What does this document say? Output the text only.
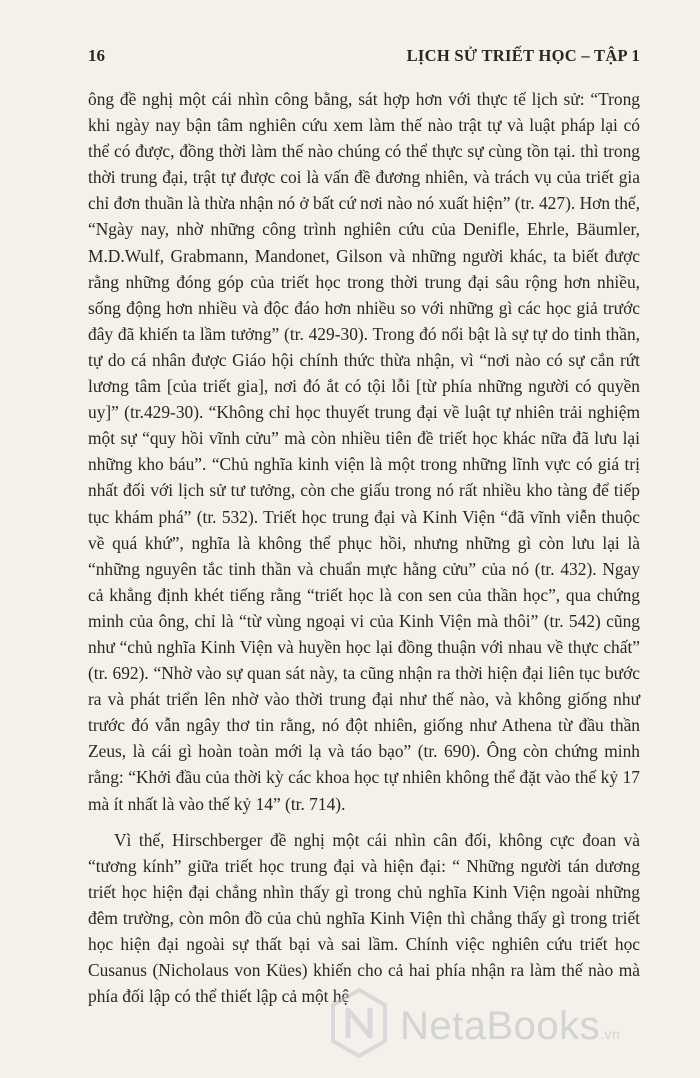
16	LỊCH SỬ TRIẾT HỌC – TẬP 1

ông đề nghị một cái nhìn công bằng, sát hợp hơn với thực tế lịch sử: “Trong khi ngày nay bận tâm nghiên cứu xem làm thế nào trật tự và luật pháp lại có thể có được, đồng thời làm thế nào chúng có thể thực sự cùng tồn tại. thì trong thời trung đại, trật tự được coi là vấn đề đương nhiên, và trách vụ của triết gia chỉ đơn thuần là thừa nhận nó ở bất cứ nơi nào nó xuất hiện” (tr. 427). Hơn thế, “Ngày nay, nhờ những công trình nghiên cứu của Denifle, Ehrle, Bäumler, M.D.Wulf, Grabmann, Mandonet, Gilson và những người khác, ta biết được rằng những đóng góp của triết học trong thời trung đại sâu rộng hơn nhiều, sống động hơn nhiều và độc đáo hơn nhiều so với những gì các học giả trước đây đã khiến ta lầm tưởng” (tr. 429-30). Trong đó nổi bật là sự tự do tinh thần, tự do cá nhân được Giáo hội chính thức thừa nhận, vì “nơi nào có sự cắn rứt lương tâm [của triết gia], nơi đó ắt có tội lỗi [từ phía những người có quyền uy]” (tr.429-30). “Không chỉ học thuyết trung đại về luật tự nhiên trải nghiệm một sự “quy hồi vĩnh cửu” mà còn nhiều tiên đề triết học khác nữa đã lưu lại những kho báu”. “Chủ nghĩa kinh viện là một trong những lĩnh vực có giá trị nhất đối với lịch sử tư tưởng, còn che giấu trong nó rất nhiều kho tàng để tiếp tục khám phá” (tr. 532). Triết học trung đại và Kinh Viện “đã vĩnh viễn thuộc về quá khứ”, nghĩa là không thể phục hồi, nhưng những gì còn lưu lại là “những nguyên tắc tinh thần và chuẩn mực hằng cửu” của nó (tr. 432). Ngay cả khẳng định khét tiếng rằng “triết học là con sen của thần học”, qua chứng minh của ông, chỉ là “từ vùng ngoại vi của Kinh Viện mà thôi” (tr. 542) cũng như “chủ nghĩa Kinh Viện và huyền học lại đồng thuận với nhau về thực chất” (tr. 692). “Nhờ vào sự quan sát này, ta cũng nhận ra thời hiện đại liên tục bước ra và phát triển lên nhờ vào thời trung đại như thế nào, và không giống như trước đó vẫn ngây thơ tin rằng, nó đột nhiên, giống như Athena từ đầu thần Zeus, là cái gì hoàn toàn mới lạ và táo bạo” (tr. 690). Ông còn chứng minh rằng: “Khởi đầu của thời kỳ các khoa học tự nhiên không thể đặt vào thế kỷ 17 mà ít nhất là vào thế kỷ 14” (tr. 714).

Vì thế, Hirschberger đề nghị một cái nhìn cân đối, không cực đoan và “tương kính” giữa triết học trung đại và hiện đại: “ Những người tán dương triết học hiện đại chẳng nhìn thấy gì trong chủ nghĩa Kinh Viện ngoài những đêm trường, còn môn đồ của chủ nghĩa Kinh Viện thì chẳng thấy gì trong triết học hiện đại ngoài sự thất bại và sai lầm. Chính việc nghiên cứu triết học Cusanus (Nicholaus von Kües) khiến cho cả hai phía nhận ra làm thế nào mà phía đối lập có thể thiết lập cả một hệ

NetaBooks.vn
